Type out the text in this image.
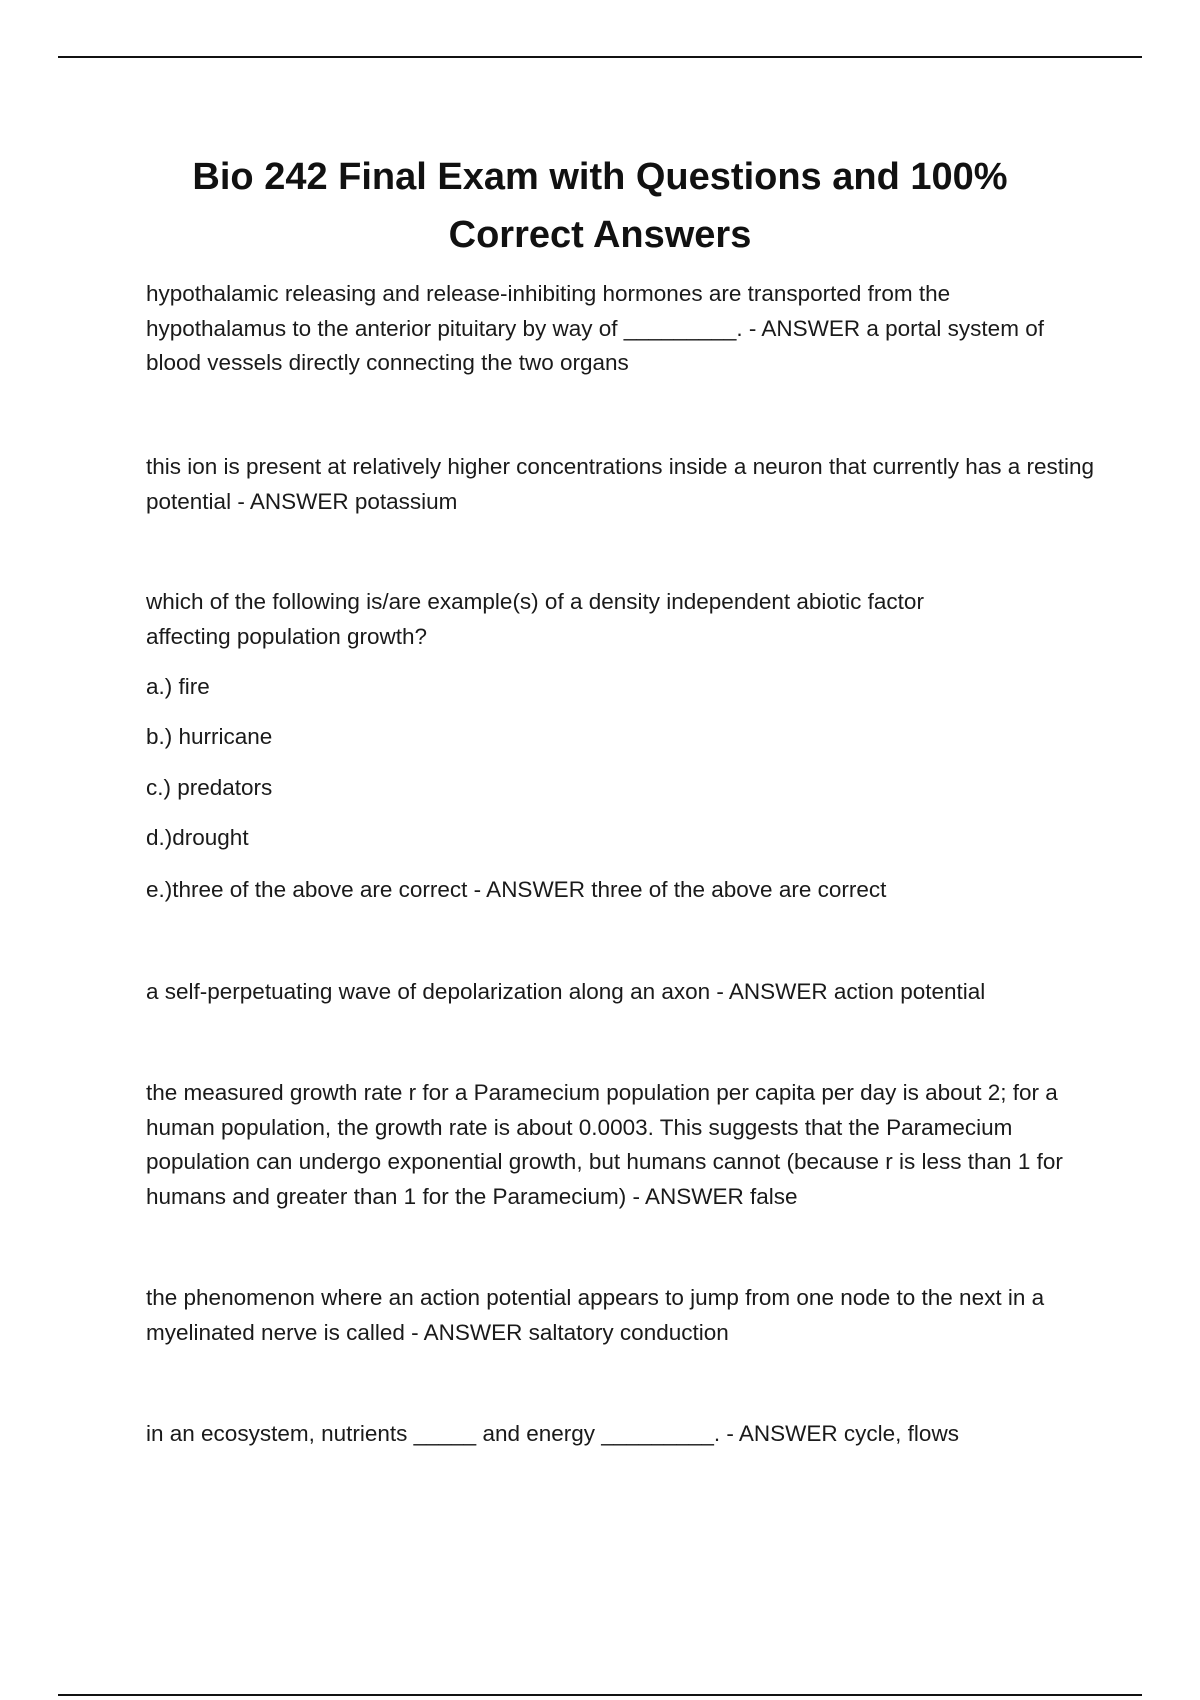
Bio 242 Final Exam with Questions and 100%
Correct Answers

hypothalamic releasing and release-inhibiting hormones are transported from the hypothalamus to the anterior pituitary by way of _________. - ANSWER a portal system of blood vessels directly connecting the two organs

this ion is present at relatively higher concentrations inside a neuron that currently has a resting potential - ANSWER potassium

which of the following is/are example(s) of a density independent abiotic factor affecting population growth?

a.) fire

b.) hurricane

c.) predators

d.)drought

e.)three of the above are correct - ANSWER three of the above are correct

a self-perpetuating wave of depolarization along an axon - ANSWER action potential

the measured growth rate r for a Paramecium population per capita per day is about 2; for a human population, the growth rate is about 0.0003. This suggests that the Paramecium population can undergo exponential growth, but humans cannot (because r is less than 1 for humans and greater than 1 for the Paramecium) - ANSWER false

the phenomenon where an action potential appears to jump from one node to the next in a myelinated nerve is called - ANSWER saltatory conduction

in an ecosystem, nutrients _____ and energy _________. - ANSWER cycle, flows
